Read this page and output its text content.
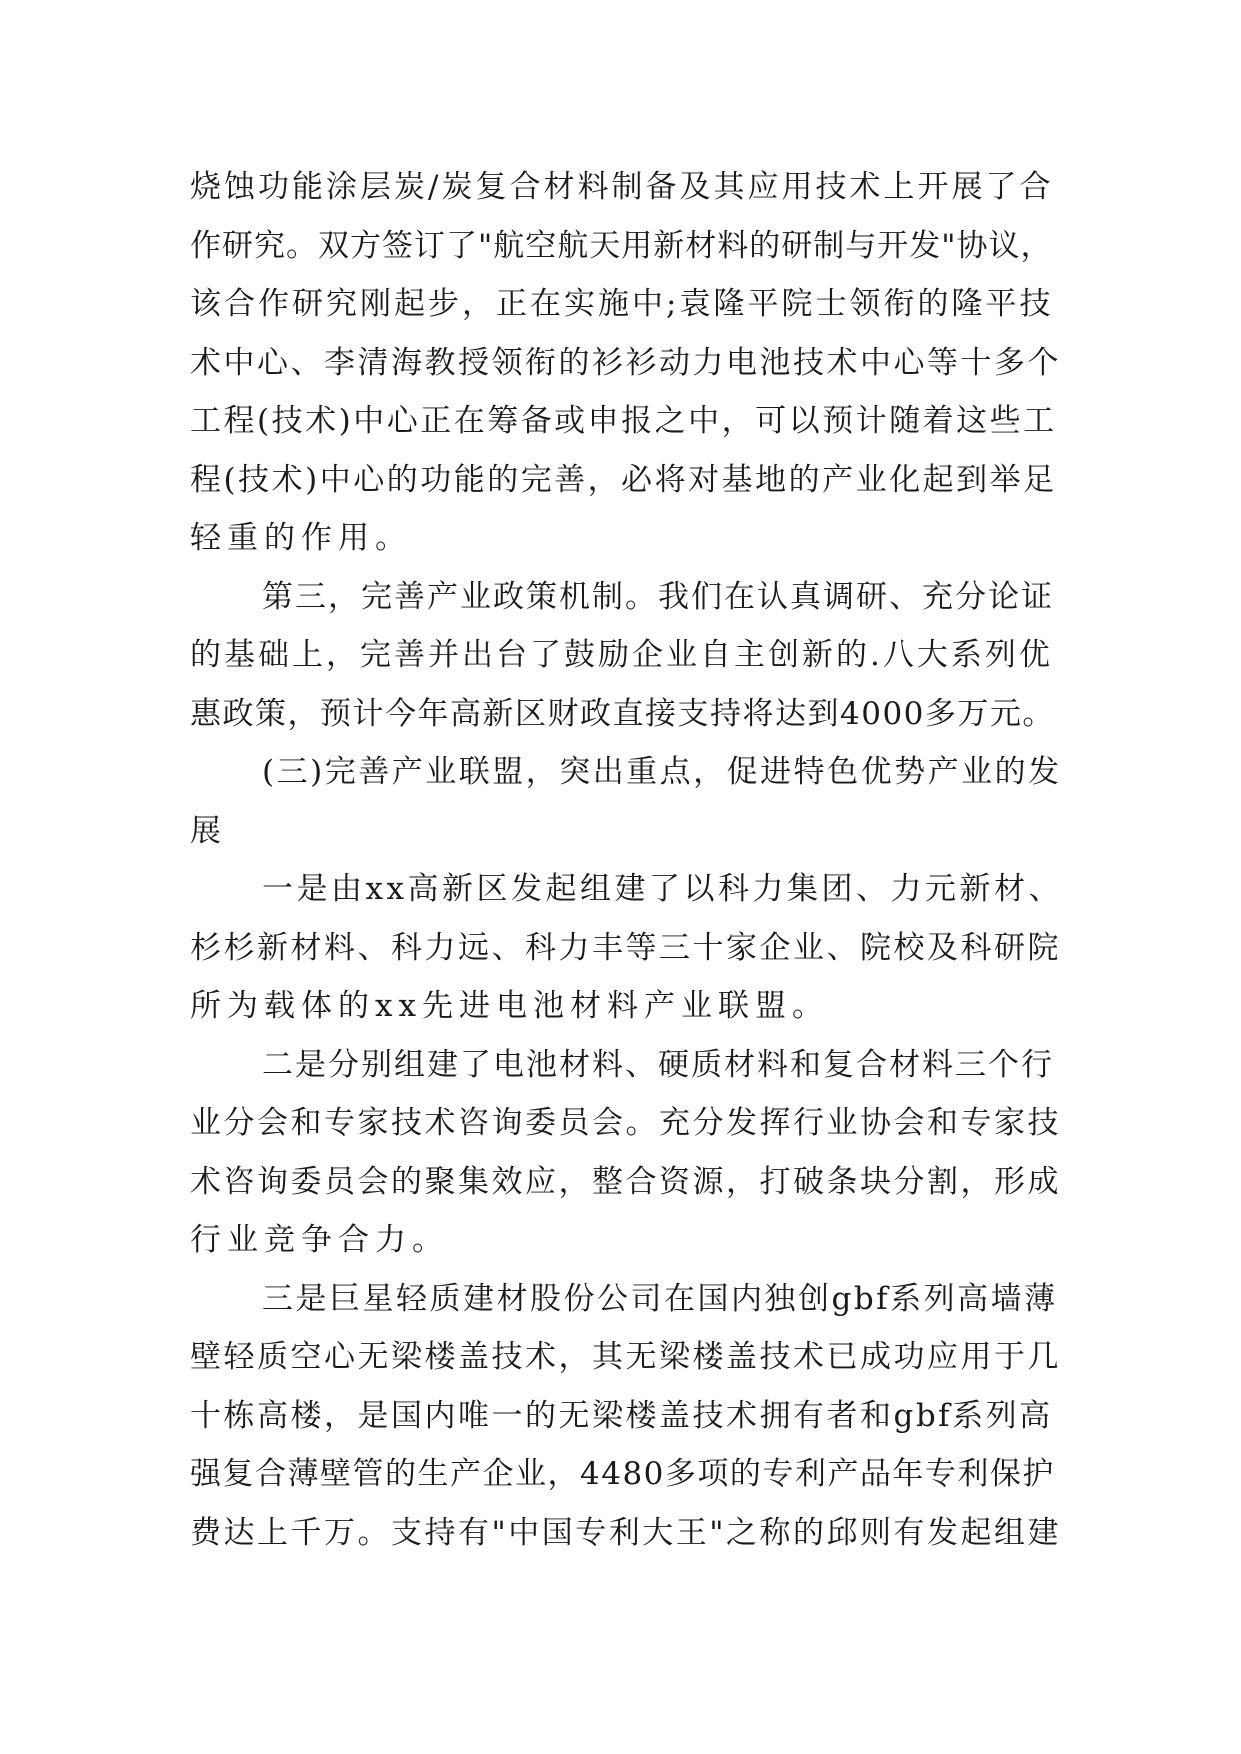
烧蚀功能涂层炭/炭复合材料制备及其应用技术上开展了合
作研究。双方签订了"航空航天用新材料的研制与开发"协议，
该合作研究刚起步，正在实施中;袁隆平院士领衔的隆平技
术中心、李清海教授领衔的衫衫动力电池技术中心等十多个
工程(技术)中心正在筹备或申报之中，可以预计随着这些工
程(技术)中心的功能的完善，必将对基地的产业化起到举足
轻重的作用。
第三，完善产业政策机制。我们在认真调研、充分论证
的基础上，完善并出台了鼓励企业自主创新的.八大系列优
惠政策，预计今年高新区财政直接支持将达到4000多万元。
(三)完善产业联盟，突出重点，促进特色优势产业的发
展
一是由xx高新区发起组建了以科力集团、力元新材、
杉杉新材料、科力远、科力丰等三十家企业、院校及科研院
所为载体的xx先进电池材料产业联盟。
二是分别组建了电池材料、硬质材料和复合材料三个行
业分会和专家技术咨询委员会。充分发挥行业协会和专家技
术咨询委员会的聚集效应，整合资源，打破条块分割，形成
行业竞争合力。
三是巨星轻质建材股份公司在国内独创gbf系列高墙薄
壁轻质空心无梁楼盖技术，其无梁楼盖技术已成功应用于几
十栋高楼，是国内唯一的无梁楼盖技术拥有者和gbf系列高
强复合薄壁管的生产企业，4480多项的专利产品年专利保护
费达上千万。支持有"中国专利大王"之称的邱则有发起组建
